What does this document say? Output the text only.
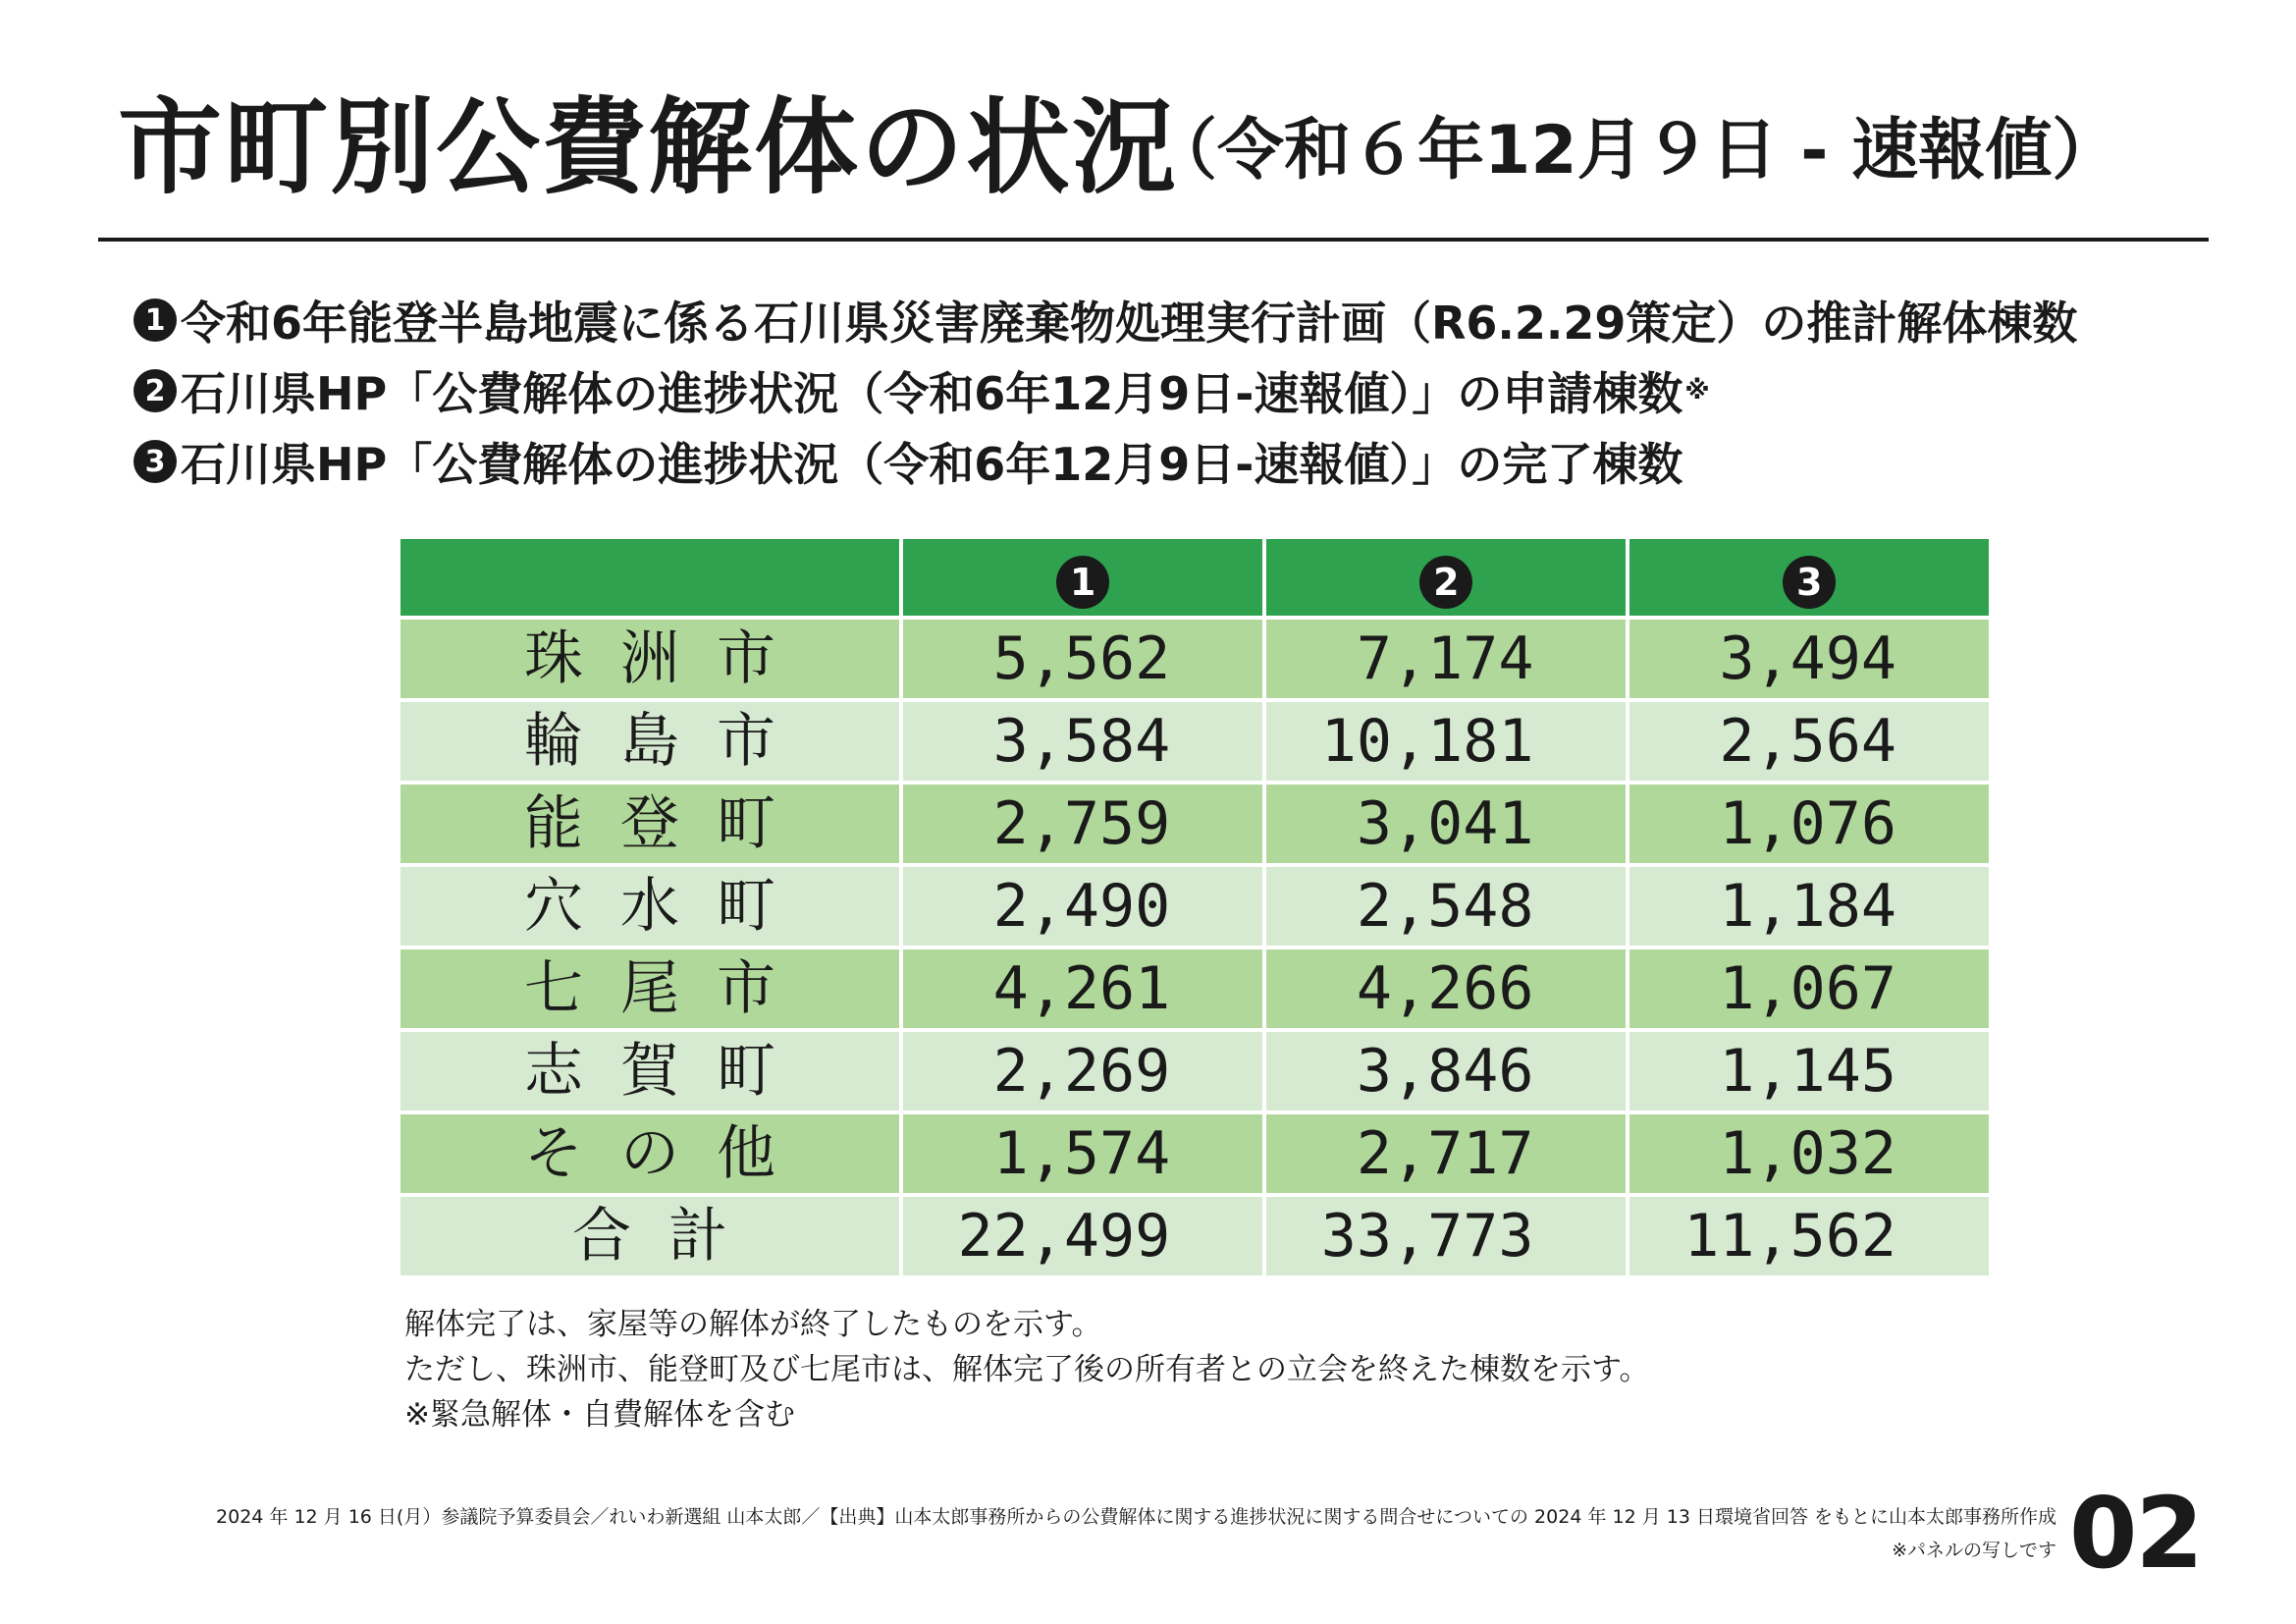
市町別公費解体の状況
（令和６年12月９日 - 速報値）
1 令和6年能登半島地震に係る石川県災害廃棄物処理実行計画（R6.2.29策定）の推計解体棟数
2 石川県HP「公費解体の進捗状況（令和6年12月9日-速報値）」の申請棟数 ※
3 石川県HP「公費解体の進捗状況（令和6年12月9日-速報値）」の完了棟数
	1	2	3
珠洲市	5,562	7,174	3,494
輪島市	3,584	10,181	2,564
能登町	2,759	3,041	1,076
穴水町	2,490	2,548	1,184
七尾市	4,261	4,266	1,067
志賀町	2,269	3,846	1,145
その他	1,574	2,717	1,032
合計	22,499	33,773	11,562
解体完了は、家屋等の解体が終了したものを示す。
ただし、珠洲市、能登町及び七尾市は、解体完了後の所有者との立会を終えた棟数を示す。
※緊急解体・自費解体を含む
2024 年 12 月 16 日(月）参議院予算委員会／れいわ新選組 山本太郎／【出典】山本太郎事務所からの公費解体に関する進捗状況に関する問合せについての 2024 年 12 月 13 日環境省回答 をもとに山本太郎事務所作成
※パネルの写しです 02
